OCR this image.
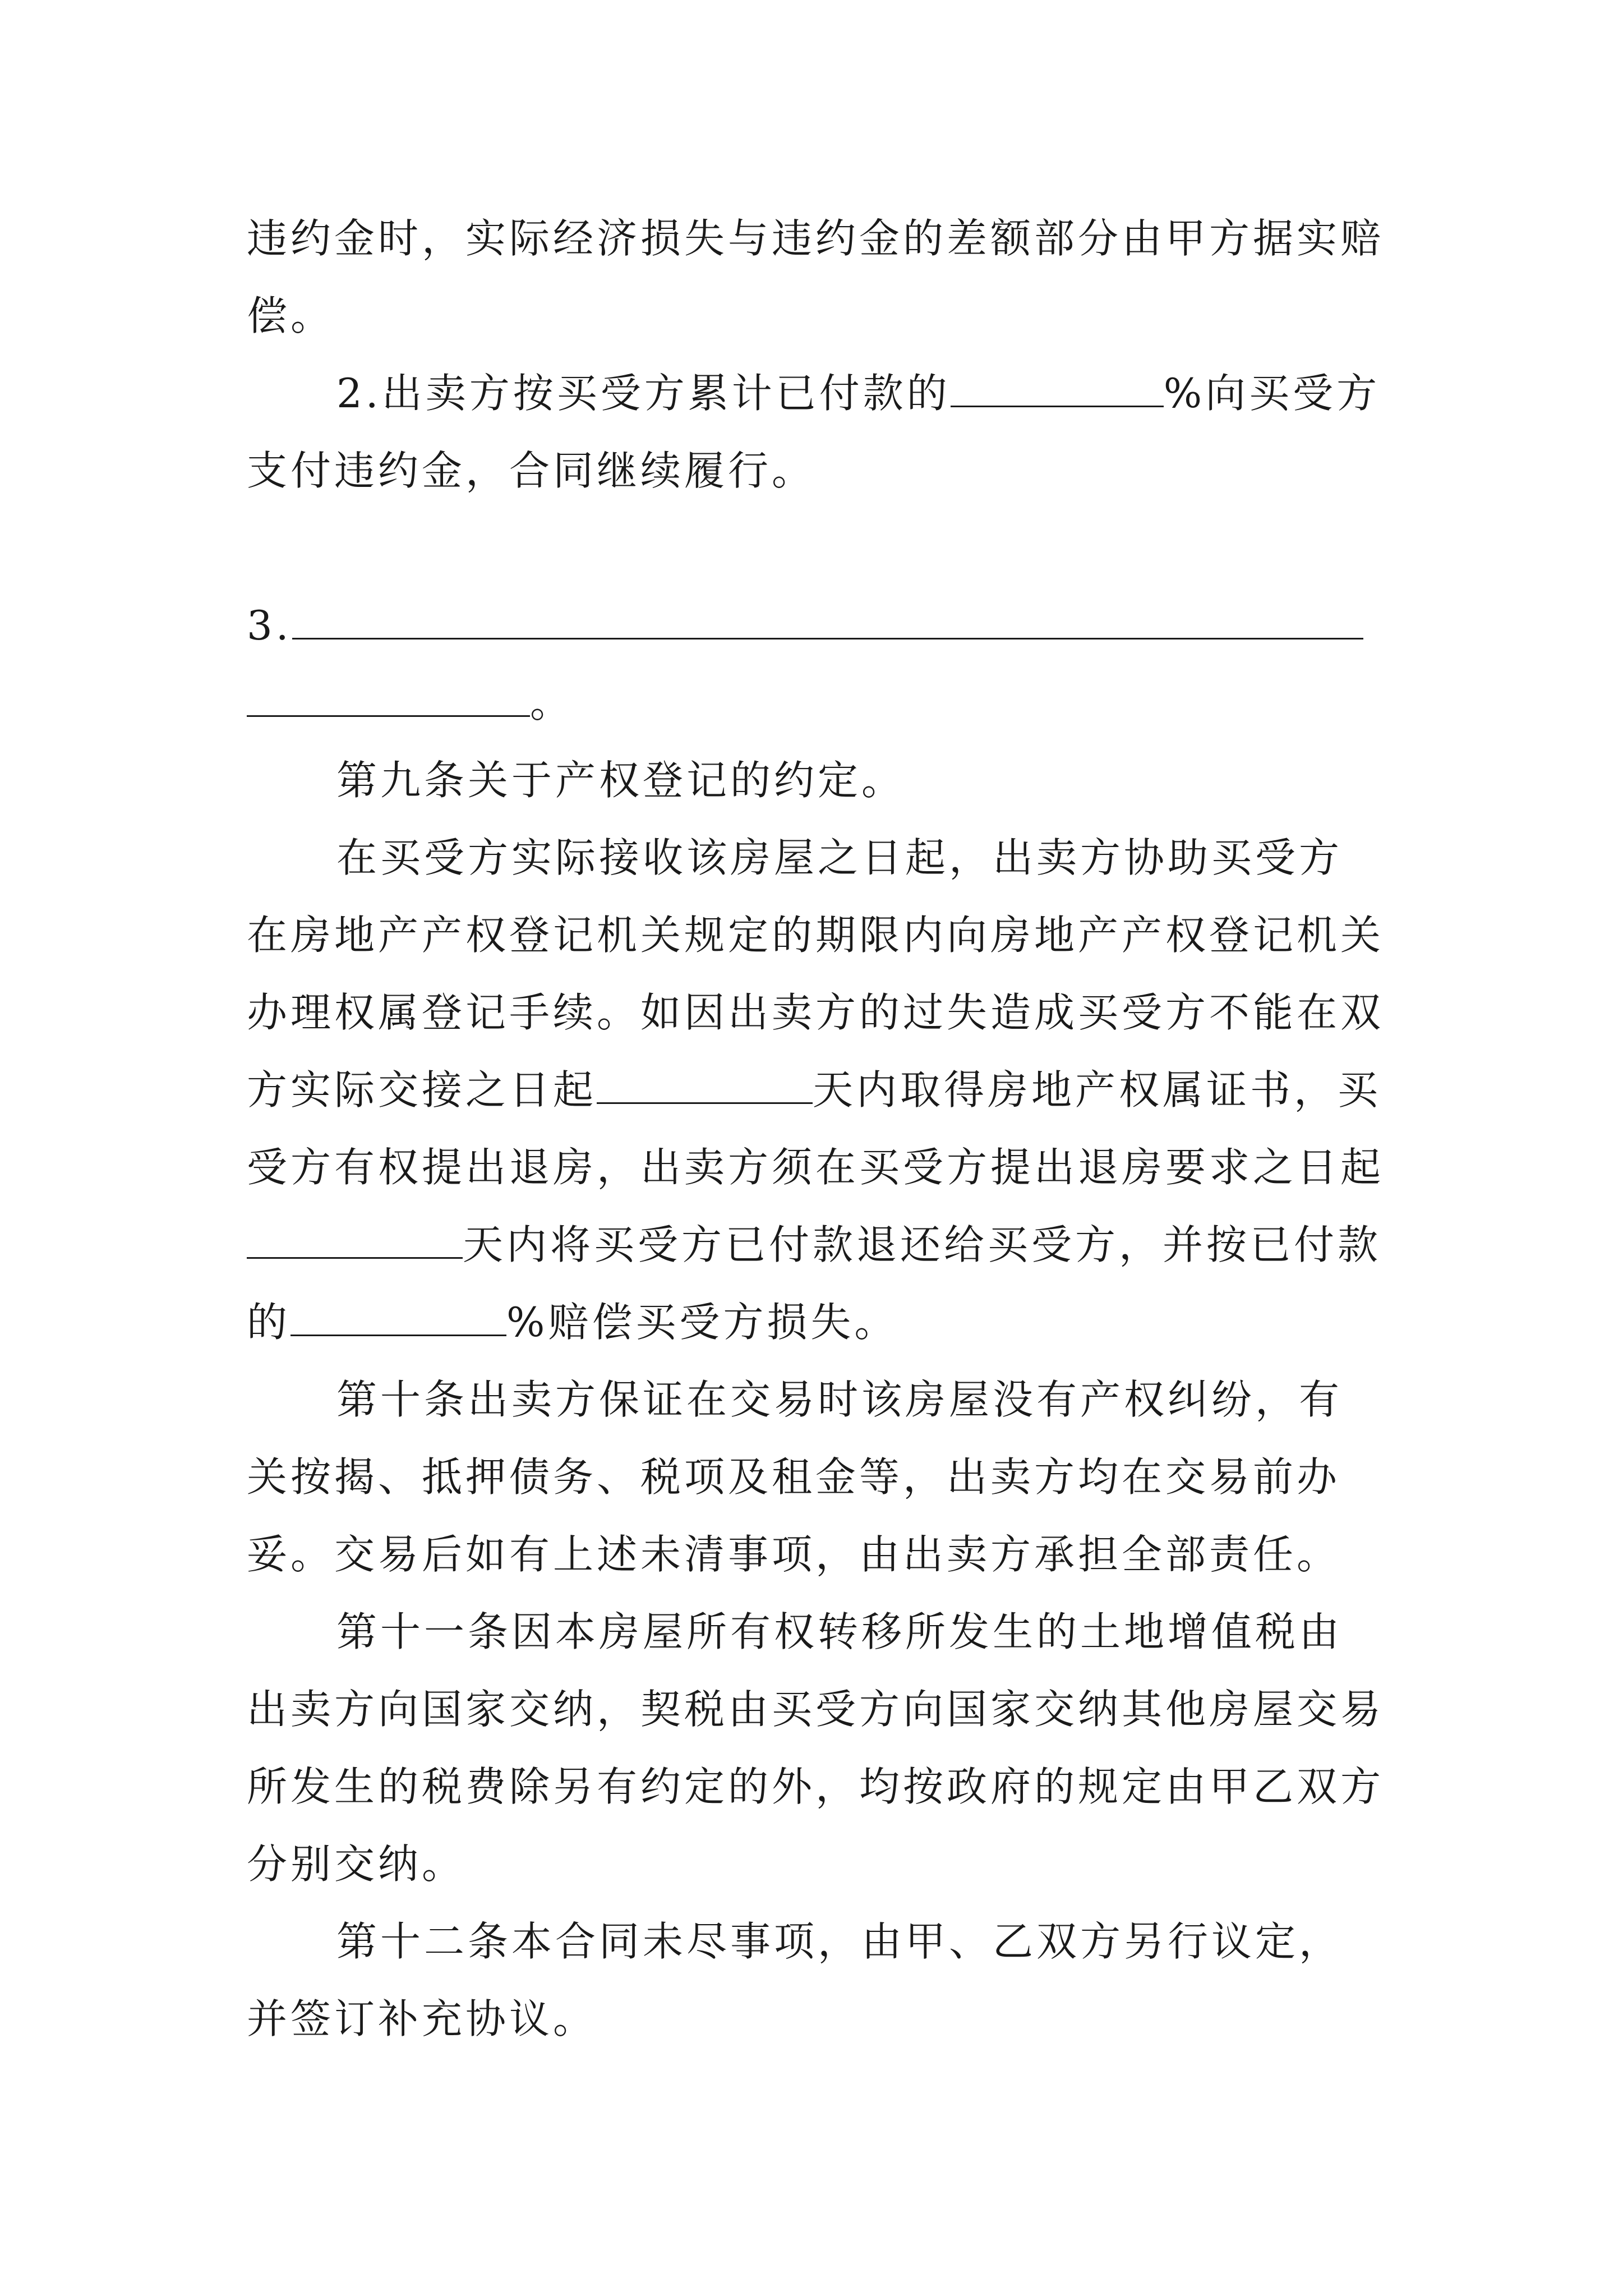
违约金时，实际经济损失与违约金的差额部分由甲方据实赔
偿。

2.出卖方按买受方累计已付款的	%向买受方
支付违约金，合同继续履行。

3.
。

第九条关于产权登记的约定。

在买受方实际接收该房屋之日起，出卖方协助买受方在房地产产权登记机关规定的期限内向房地产产权登记机关办理权属登记手续。如因出卖方的过失造成买受方不能在双方实际交接之日起	天内取得房地产权属证书，买受方有权提出退房，出卖方须在买受方提出退房要求之日起天内将买受方已付款退还给买受方，并按已付款的	%赔偿买受方损失。

第十条出卖方保证在交易时该房屋没有产权纠纷，有关按揭、抵押债务、税项及租金等，出卖方均在交易前办妥。交易后如有上述未清事项，由出卖方承担全部责任。

第十一条因本房屋所有权转移所发生的土地增值税由出卖方向国家交纳，契税由买受方向国家交纳其他房屋交易所发生的税费除另有约定的外，均按政府的规定由甲乙双方分别交纳。

第十二条本合同未尽事项，由甲、乙双方另行议定，并签订补充协议。
